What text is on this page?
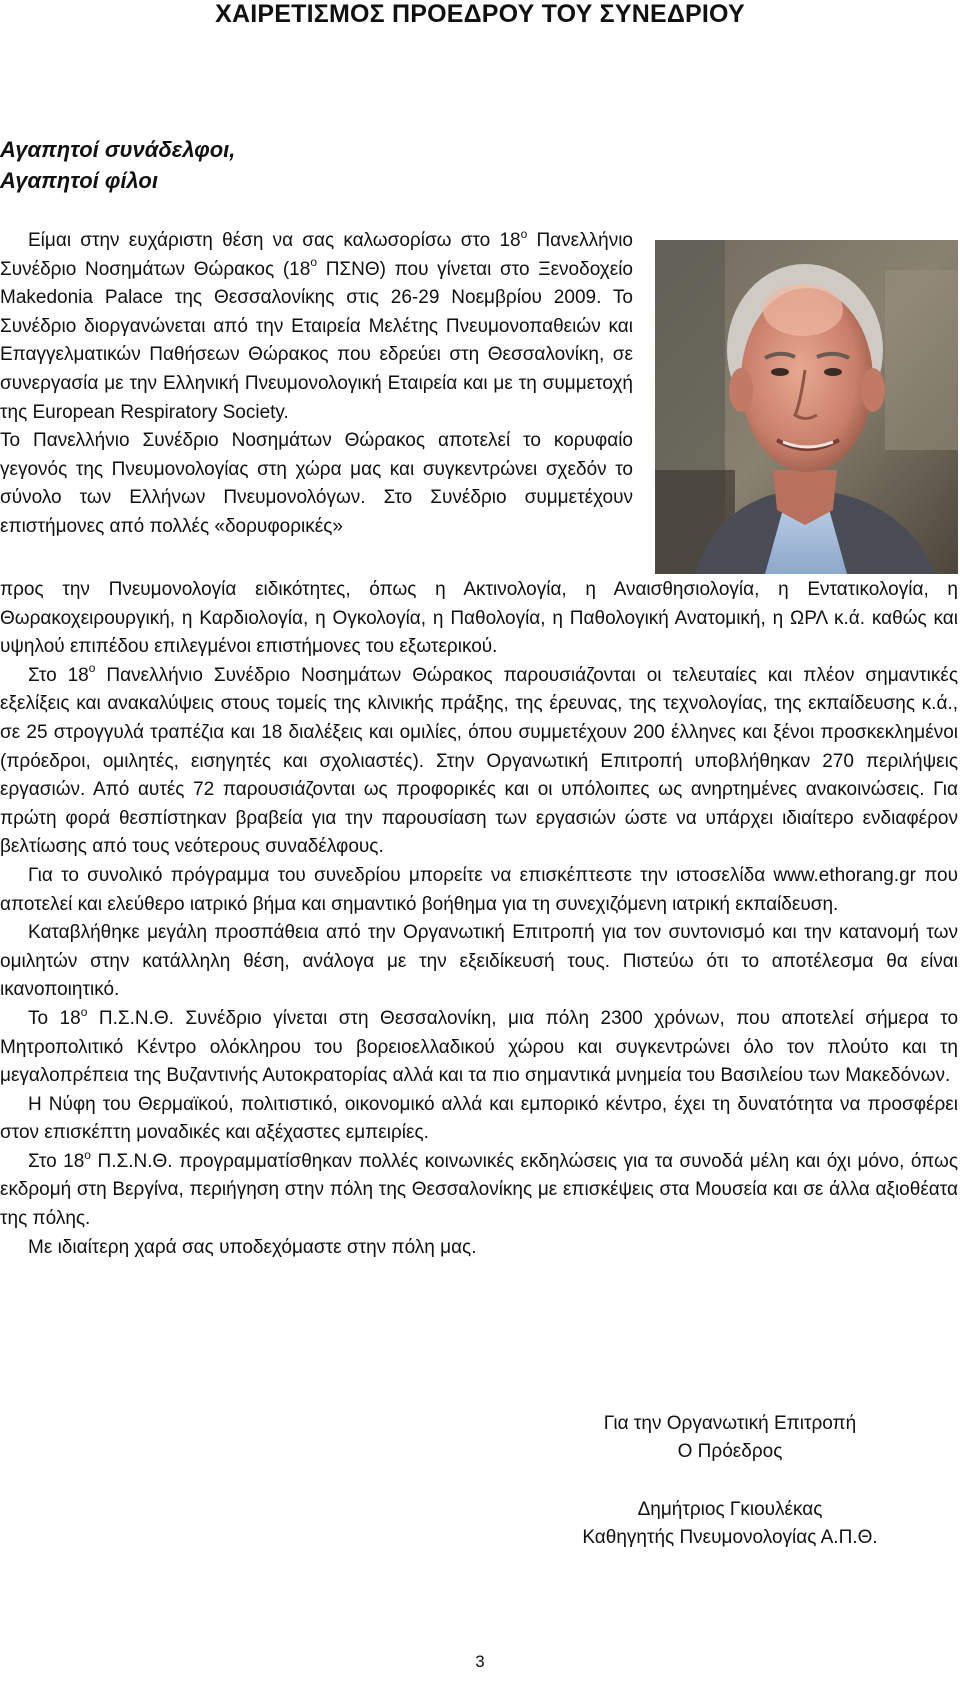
ΧΑΙΡΕΤΙΣΜΟΣ ΠΡΟΕΔΡΟΥ ΤΟΥ ΣΥΝΕΔΡΙΟΥ
Αγαπητοί συνάδελφοι,
Αγαπητοί φίλοι

Είμαι στην ευχάριστη θέση να σας καλωσορίσω στο $18^o$ Πανελλήνιο Συνέδριο Νοσημάτων Θώρακος ($18^o$ ΠΣΝΘ) που γίνεται στο Ξενοδοχείο Makedonia Palace της Θεσσαλονίκης στις 26-29 Νοεμβρίου 2009. Το Συνέδριο διοργανώνεται από την Εταιρεία Μελέτης Πνευμονοπαθειών και Επαγγελματικών Παθήσεων Θώρακος που εδρεύει στη Θεσσαλονίκη, σε συνεργασία με την Ελληνική Πνευμονολογική Εταιρεία και με τη συμμετοχή της European Respiratory Society.

Το Πανελλήνιο Συνέδριο Νοσημάτων Θώρακος αποτελεί το κορυφαίο γεγονός της Πνευμονολογίας στη χώρα μας και συγκεντρώνει σχεδόν το σύνολο των Ελλήνων Πνευμονολόγων. Στο Συνέδριο συμμετέχουν επιστήμονες από πολλές «δορυφορικές»

προς την Πνευμονολογία ειδικότητες, όπως η Ακτινολογία, η Αναισθησιολογία, η Εντατικολογία, η Θωρακοχειρουργική, η Καρδιολογία, η Ογκολογία, η Παθολογία, η Παθολογική Ανατομική, η ΩΡΛ κ.ά. καθώς και υψηλού επιπέδου επιλεγμένοι επιστήμονες του εξωτερικού.

Στο $18^o$ Πανελλήνιο Συνέδριο Νοσημάτων Θώρακος παρουσιάζονται οι τελευταίες και πλέον σημαντικές εξελίξεις και ανακαλύψεις στους τομείς της κλινικής πράξης, της έρευνας, της τεχνολογίας, της εκπαίδευσης κ.ά., σε 25 στρογγυλά τραπέζια και 18 διαλέξεις και ομιλίες, όπου συμμετέχουν 200 έλληνες και ξένοι προσκεκλημένοι (πρόεδροι, ομιλητές, εισηγητές και σχολιαστές). Στην Οργανωτική Επιτροπή υποβλήθηκαν 270 περιλήψεις εργασιών. Από αυτές 72 παρουσιάζονται ως προφορικές και οι υπόλοιπες ως ανηρτημένες ανακοινώσεις. Για πρώτη φορά θεσπίστηκαν βραβεία για την παρουσίαση των εργασιών ώστε να υπάρχει ιδιαίτερο ενδιαφέρον βελτίωσης από τους νεότερους συναδέλφους.

Για το συνολικό πρόγραμμα του συνεδρίου μπορείτε να επισκέπτεστε την ιστοσελίδα www.ethorang.gr που αποτελεί και ελεύθερο ιατρικό βήμα και σημαντικό βοήθημα για τη συνεχιζόμενη ιατρική εκπαίδευση.

Καταβλήθηκε μεγάλη προσπάθεια από την Οργανωτική Επιτροπή για τον συντονισμό και την κατανομή των ομιλητών στην κατάλληλη θέση, ανάλογα με την εξειδίκευσή τους. Πιστεύω ότι το αποτέλεσμα θα είναι ικανοποιητικό.

Το $18^o$ Π.Σ.Ν.Θ. Συνέδριο γίνεται στη Θεσσαλονίκη, μια πόλη 2300 χρόνων, που αποτελεί σήμερα το Μητροπολιτικό Κέντρο ολόκληρου του βορειοελλαδικού χώρου και συγκεντρώνει όλο τον πλούτο και τη μεγαλοπρέπεια της Βυζαντινής Αυτοκρατορίας αλλά και τα πιο σημαντικά μνημεία του Βασιλείου των Μακεδόνων.

Η Νύφη του Θερμαϊκού, πολιτιστικό, οικονομικό αλλά και εμπορικό κέντρο, έχει τη δυνατότητα να προσφέρει στον επισκέπτη μοναδικές και αξέχαστες εμπειρίες.

Στο $18^o$ Π.Σ.Ν.Θ. προγραμματίσθηκαν πολλές κοινωνικές εκδηλώσεις για τα συνοδά μέλη και όχι μόνο, όπως εκδρομή στη Βεργίνα, περιήγηση στην πόλη της Θεσσαλονίκης με επισκέψεις στα Μουσεία και σε άλλα αξιοθέατα της πόλης.

Με ιδιαίτερη χαρά σας υποδεχόμαστε στην πόλη μας.

Για την Οργανωτική Επιτροπή
Ο Πρόεδρος
Δημήτριος Γκιουλέκας
Καθηγητής Πνευμονολογίας Α.Π.Θ.
3
